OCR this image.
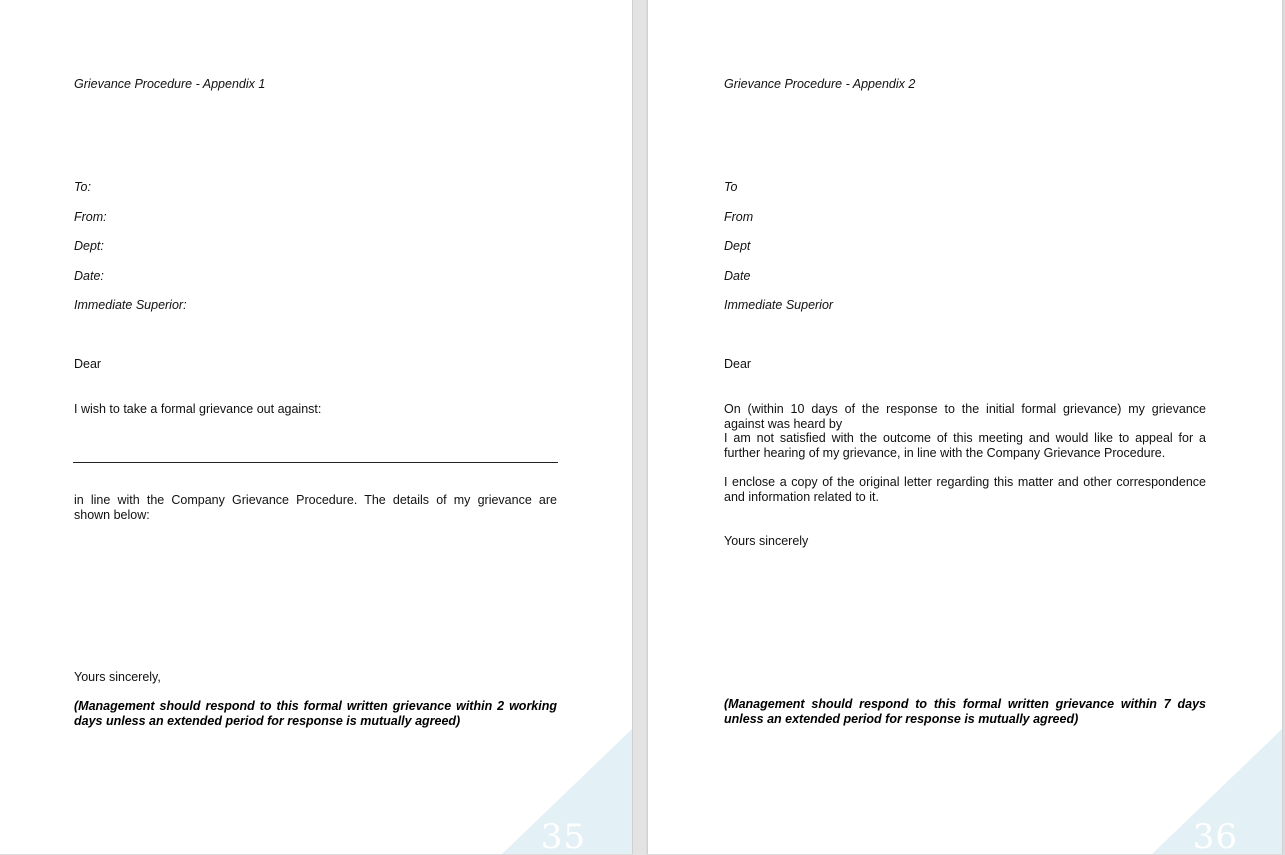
Grievance Procedure - Appendix 1
To:
From:
Dept:
Date:
Immediate Superior:
Dear
I wish to take a formal grievance out against:
in line with the Company Grievance Procedure. The details of my grievance are
shown below:
Yours sincerely,
(Management should respond to this formal written grievance within 2 working
days unless an extended period for response is mutually agreed)
35
Grievance Procedure - Appendix 2
To
From
Dept
Date
Immediate Superior
Dear
On (within 10 days of the response to the initial formal grievance) my grievance
against was heard by
I am not satisfied with the outcome of this meeting and would like to appeal for a
further hearing of my grievance, in line with the Company Grievance Procedure.
I enclose a copy of the original letter regarding this matter and other correspondence
and information related to it.
Yours sincerely
(Management should respond to this formal written grievance within 7 days
unless an extended period for response is mutually agreed)
36
